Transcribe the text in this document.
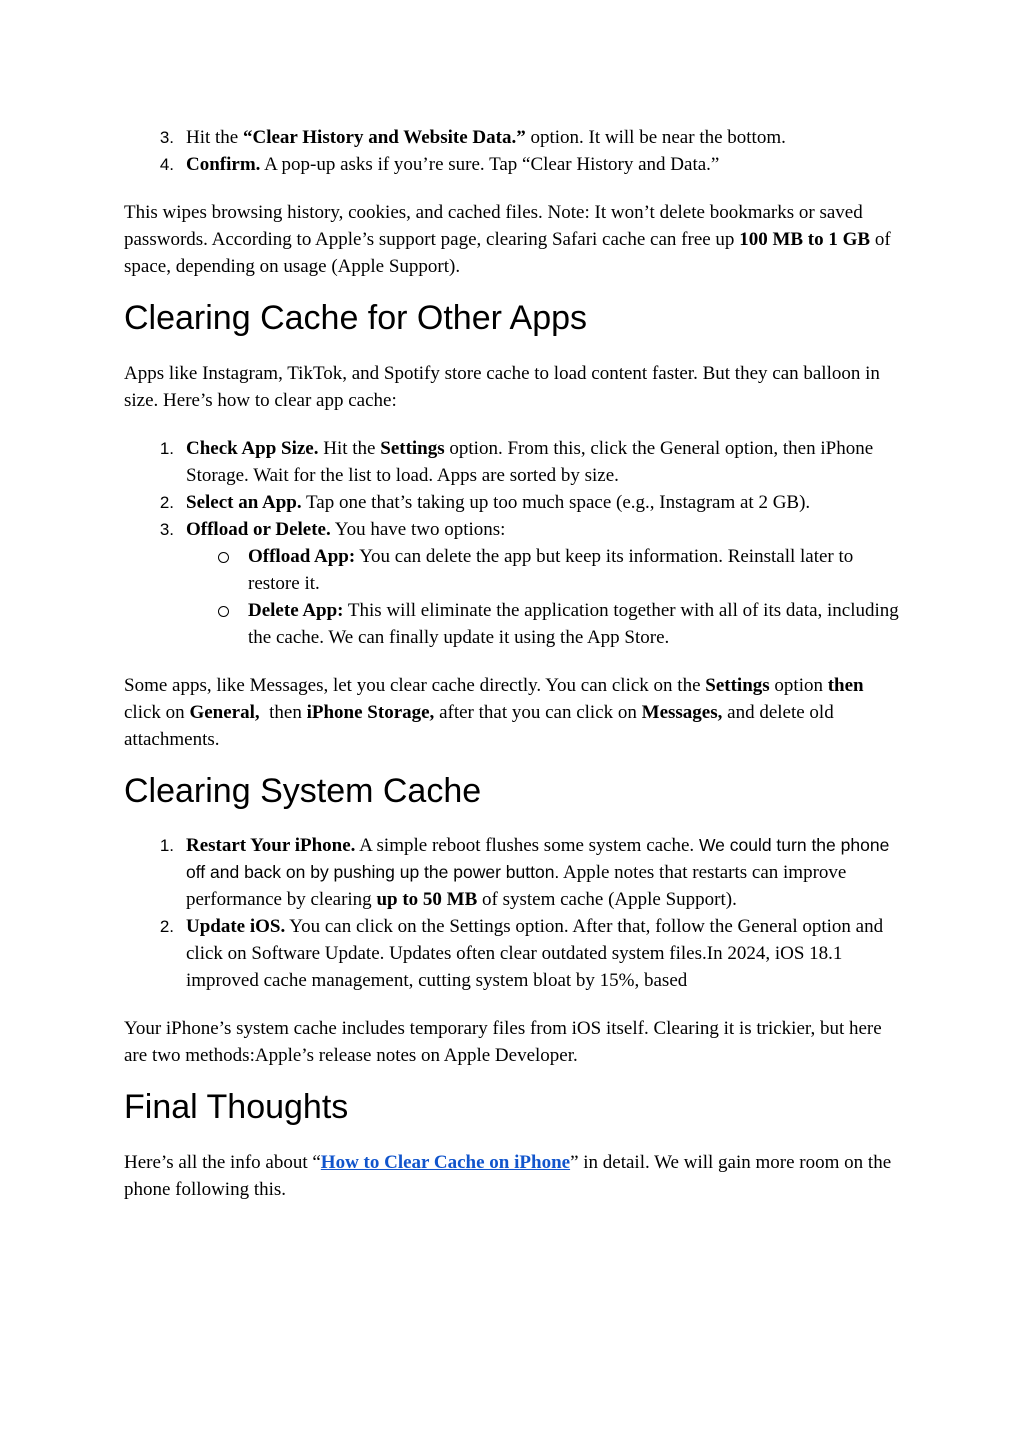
3. Hit the “Clear History and Website Data.” option. It will be near the bottom.
4. Confirm. A pop-up asks if you’re sure. Tap “Clear History and Data.”

This wipes browsing history, cookies, and cached files. Note: It won’t delete bookmarks or saved passwords. According to Apple’s support page, clearing Safari cache can free up 100 MB to 1 GB of space, depending on usage (Apple Support).

Clearing Cache for Other Apps

Apps like Instagram, TikTok, and Spotify store cache to load content faster. But they can balloon in size. Here’s how to clear app cache:

1. Check App Size. Hit the Settings option. From this, click the General option, then iPhone Storage. Wait for the list to load. Apps are sorted by size.
2. Select an App. Tap one that’s taking up too much space (e.g., Instagram at 2 GB).
3. Offload or Delete. You have two options:
Offload App: You can delete the app but keep its information. Reinstall later to restore it.
Delete App: This will eliminate the application together with all of its data, including the cache. We can finally update it using the App Store.

Some apps, like Messages, let you clear cache directly. You can click on the Settings option then click on General,  then iPhone Storage, after that you can click on Messages, and delete old attachments.

Clearing System Cache
1. Restart Your iPhone. A simple reboot flushes some system cache. We could turn the phone off and back on by pushing up the power button. Apple notes that restarts can improve performance by clearing up to 50 MB of system cache (Apple Support).
2. Update iOS. You can click on the Settings option. After that, follow the General option and click on Software Update. Updates often clear outdated system files.In 2024, iOS 18.1 improved cache management, cutting system bloat by 15%, based

Your iPhone’s system cache includes temporary files from iOS itself. Clearing it is trickier, but here are two methods:Apple’s release notes on Apple Developer.

Final Thoughts

Here’s all the info about “How to Clear Cache on iPhone” in detail. We will gain more room on the phone following this.
